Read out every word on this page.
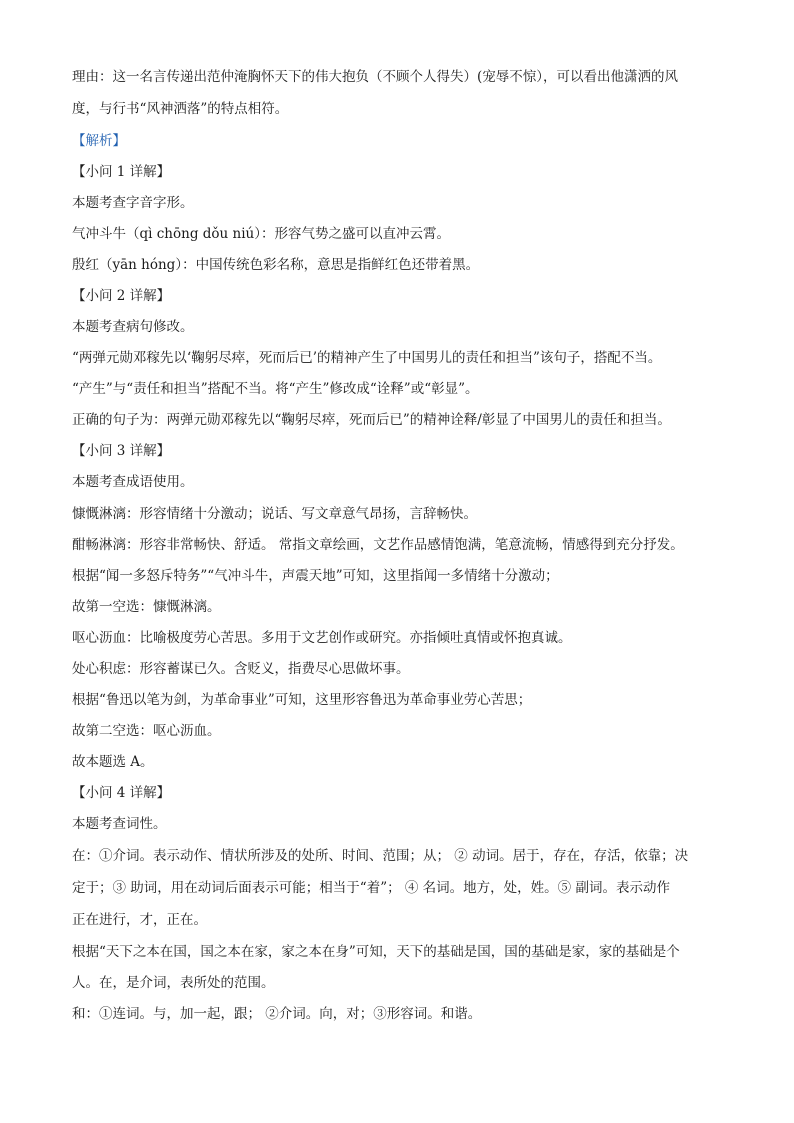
理由：这一名言传递出范仲淹胸怀天下的伟大抱负（不顾个人得失）(宠辱不惊），可以看出他潇洒的风
度，与行书“风神洒落”的特点相符。
【解析】
【小问 1 详解】
本题考查字音字形。
气冲斗牛（qì chōng dǒu niú）：形容气势之盛可以直冲云霄。
殷红（yān hóng）：中国传统色彩名称，意思是指鲜红色还带着黑。
【小问 2 详解】
本题考查病句修改。
“两弹元勋邓稼先以‘鞠躬尽瘁，死而后已’的精神产生了中国男儿的责任和担当”该句子，搭配不当。
“产生”与“责任和担当”搭配不当。将“产生”修改成“诠释”或“彰显”。
正确的句子为：两弹元勋邓稼先以“鞠躬尽瘁，死而后已”的精神诠释/彰显了中国男儿的责任和担当。
【小问 3 详解】
本题考查成语使用。
慷慨淋漓：形容情绪十分激动；说话、写文章意气昂扬，言辞畅快。
酣畅淋漓：形容非常畅快、舒适。 常指文章绘画，文艺作品感情饱满，笔意流畅，情感得到充分抒发。
根据“闻一多怒斥特务”“气冲斗牛，声震天地”可知，这里指闻一多情绪十分激动；
故第一空选：慷慨淋漓。
呕心沥血：比喻极度劳心苦思。多用于文艺创作或研究。亦指倾吐真情或怀抱真诚。
处心积虑：形容蓄谋已久。含贬义，指费尽心思做坏事。
根据“鲁迅以笔为剑，为革命事业”可知，这里形容鲁迅为革命事业劳心苦思；
故第二空选：呕心沥血。
故本题选 A。
【小问 4 详解】
本题考查词性。
在：①介词。表示动作、情状所涉及的处所、时间、范围；从； ② 动词。居于，存在，存活，依靠；决
定于；③ 助词，用在动词后面表示可能；相当于“着”； ④ 名词。地方，处，姓。⑤ 副词。表示动作
正在进行，才，正在。
根据“天下之本在国，国之本在家，家之本在身”可知，天下的基础是国，国的基础是家，家的基础是个
人。在，是介词，表所处的范围。
和：①连词。与，加一起，跟； ②介词。向，对；③形容词。和谐。
